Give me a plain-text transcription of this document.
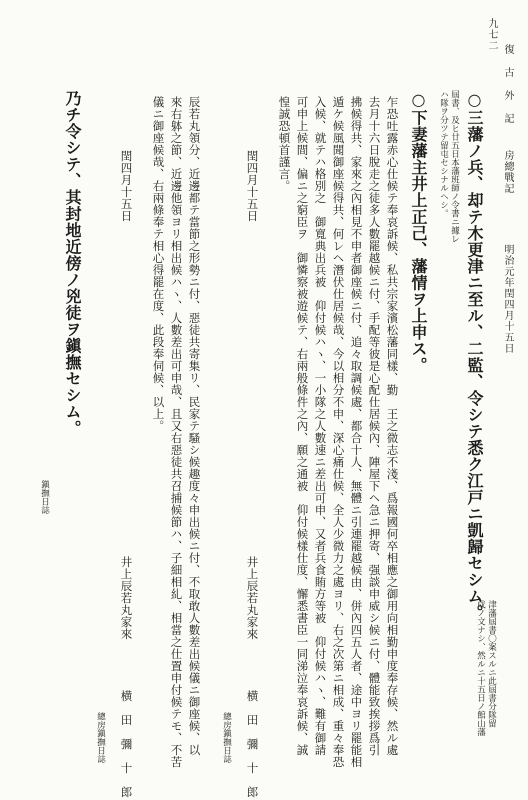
九七二
復 古 外 記
房總戰記
明治元年閏四月十五日
○三藩ノ兵、却テ木更津ニ至ル、二監、令シテ悉ク江戸ニ凱歸セシム。
津藩屆書〇案スルニ此屆書分隊留
戍ノ文ナシ、然ルニ十五日ノ館山藩
屆書、及ヒ廿五日本藩班師ノ令書ニ據レ
ハ隊ヲ分ツテ留屯セシナルヘシ。
○下妻藩主井上正己、藩情ヲ上申ス。
乍恐吐露赤心仕候テ奉哀訴候、私共宗家濱松藩同樣、勤　王之微志不淺、爲報國何卒相應之御用向相勤申度奉存候、然ル處
去月十六日脫走之徒多人數罷越候ニ付、手配等彼是心配仕居候內、陣屋下ヘ急ニ押寄、强談申威シ候ニ付、體能致挨拶爲引
拂候得共、家來之內相見不申者御座候ニ付、追々取調候處、都合十人、無體ニ引連罷越候由、併內四五人者、途中ヨリ罷能相
遁ケ候風聞御座候得共、何レヘ潛伏仕居候哉、今以相分不申、深心痛仕候、全人少微力之處ヨリ、右之次第ニ相成、重々奉恐
入候、就テハ格別之　御寬典出兵被　仰付候ハヽ、一小隊之人數速ニ差出可申、又者兵食賄方等被　仰付候ハヽ、難有御請
可申上候間、偏ニ之窮臣ヲ　御憐察被遊候テ、右兩般條件之內、願之通被　仰付候樣仕度、懈悉書臣一同涕泣奉哀訴候、誠
惶誠恐頓首謹言。
閏四月十五日
井上辰若丸家來
横　田　彌　十　郎
總房鎭撫日誌
辰若丸領分、近邊都テ當節之形勢ニ付、惡徒共寄集リ、民家テ騷シ候趣度々申出候ニ付、不取敢人數差出候儀ニ御座候、以
來右躰之節、近邊他領ヨリ相出候ハヽ、人數差出可申哉、且又右惡徒共召捕候節ハ、子細相糺、相當之仕置申付候テモ、不苦
儀ニ御座候哉、右兩條奉テ相心得罷在度、此段奉伺候、以上。
閏四月十五日
井上辰若丸家來
横　田　彌　十　郎
總房鎭撫日誌
乃チ令シテ、其封地近傍ノ兇徒ヲ鎭撫セシム。
鎭撫日誌
